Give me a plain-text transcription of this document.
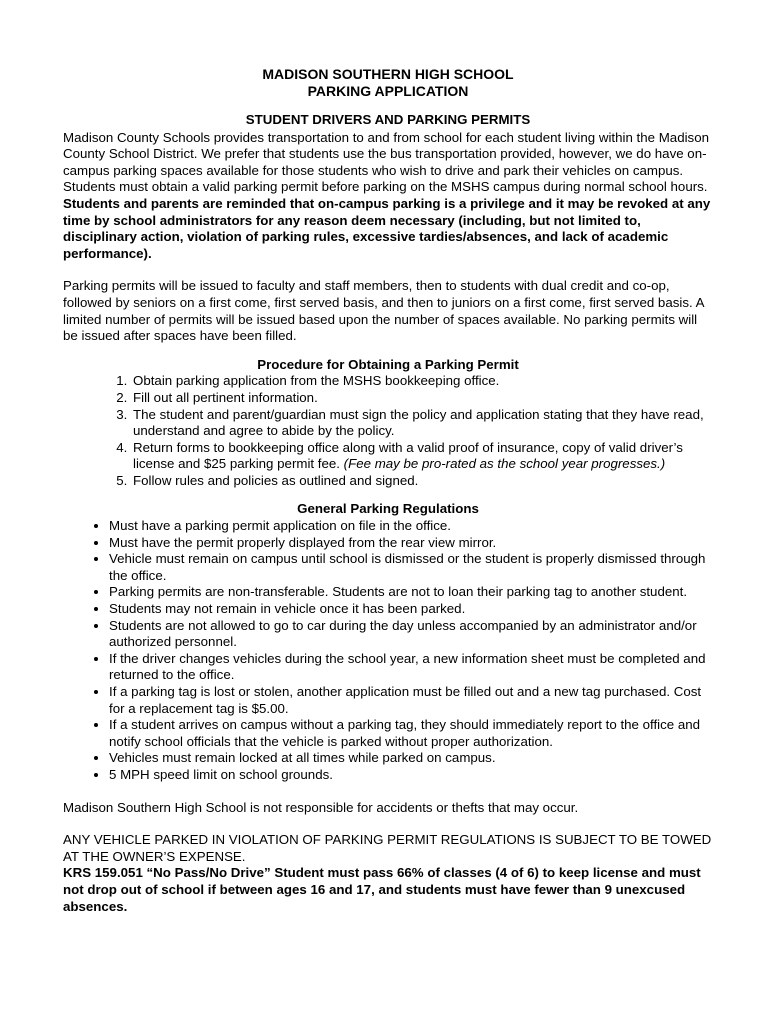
MADISON SOUTHERN HIGH SCHOOL
PARKING APPLICATION
STUDENT DRIVERS AND PARKING PERMITS

Madison County Schools provides transportation to and from school for each student living within the Madison County School District. We prefer that students use the bus transportation provided, however, we do have on-campus parking spaces available for those students who wish to drive and park their vehicles on campus. Students must obtain a valid parking permit before parking on the MSHS campus during normal school hours. Students and parents are reminded that on-campus parking is a privilege and it may be revoked at any time by school administrators for any reason deem necessary (including, but not limited to, disciplinary action, violation of parking rules, excessive tardies/absences, and lack of academic performance).

Parking permits will be issued to faculty and staff members, then to students with dual credit and co-op, followed by seniors on a first come, first served basis, and then to juniors on a first come, first served basis. A limited number of permits will be issued based upon the number of spaces available. No parking permits will be issued after spaces have been filled.

Procedure for Obtaining a Parking Permit
1. Obtain parking application from the MSHS bookkeeping office.
2. Fill out all pertinent information.
3. The student and parent/guardian must sign the policy and application stating that they have read, understand and agree to abide by the policy.
4. Return forms to bookkeeping office along with a valid proof of insurance, copy of valid driver’s license and $25 parking permit fee. (Fee may be pro-rated as the school year progresses.)
5. Follow rules and policies as outlined and signed.
General Parking Regulations
• Must have a parking permit application on file in the office.
• Must have the permit properly displayed from the rear view mirror.
• Vehicle must remain on campus until school is dismissed or the student is properly dismissed through the office.
• Parking permits are non-transferable. Students are not to loan their parking tag to another student.
• Students may not remain in vehicle once it has been parked.
• Students are not allowed to go to car during the day unless accompanied by an administrator and/or authorized personnel.
• If the driver changes vehicles during the school year, a new information sheet must be completed and returned to the office.
• If a parking tag is lost or stolen, another application must be filled out and a new tag purchased. Cost for a replacement tag is $5.00.
• If a student arrives on campus without a parking tag, they should immediately report to the office and notify school officials that the vehicle is parked without proper authorization.
• Vehicles must remain locked at all times while parked on campus.
• 5 MPH speed limit on school grounds.

Madison Southern High School is not responsible for accidents or thefts that may occur.

ANY VEHICLE PARKED IN VIOLATION OF PARKING PERMIT REGULATIONS IS SUBJECT TO BE TOWED AT THE OWNER’S EXPENSE.

KRS 159.051 “No Pass/No Drive” Student must pass 66% of classes (4 of 6) to keep license and must not drop out of school if between ages 16 and 17, and students must have fewer than 9 unexcused absences.
